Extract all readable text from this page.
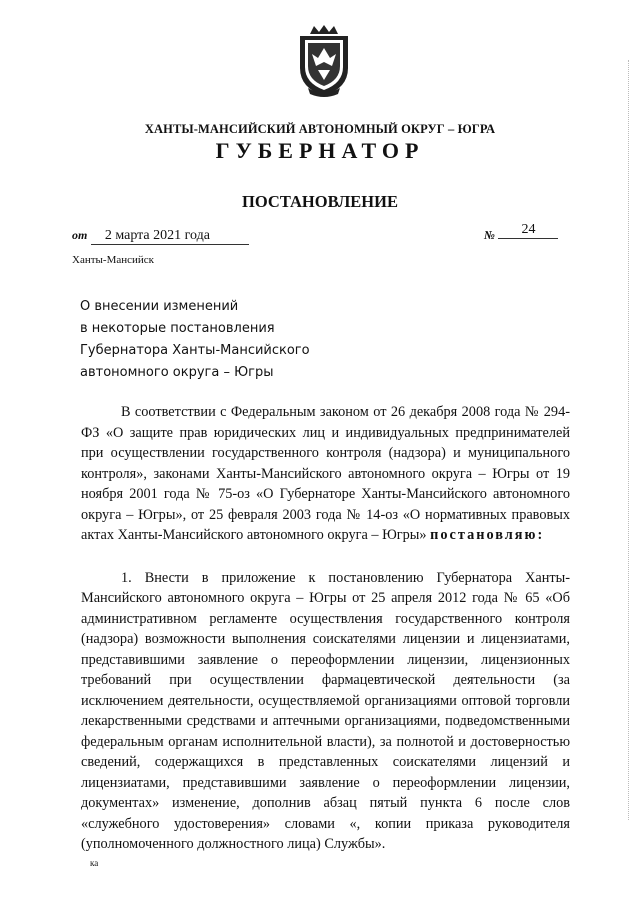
ХАНТЫ-МАНСИЙСКИЙ АВТОНОМНЫЙ ОКРУГ – ЮГРА
ГУБЕРНАТОР
ПОСТАНОВЛЕНИЕ
от 2 марта 2021 года	№ 24
Ханты-Мансийск
О внесении изменений
в некоторые постановления
Губернатора Ханты-Мансийского
автономного округа – Югры

В соответствии с Федеральным законом от 26 декабря 2008 года № 294-ФЗ «О защите прав юридических лиц и индивидуальных предпринимателей при осуществлении государственного контроля (надзора) и муниципального контроля», законами Ханты-Мансийского автономного округа – Югры от 19 ноября 2001 года № 75-оз «О Губернаторе Ханты-Мансийского автономного округа – Югры», от 25 февраля 2003 года № 14-оз «О нормативных правовых актах Ханты-Мансийского автономного округа – Югры» постановляю:

1. Внести в приложение к постановлению Губернатора Ханты-Мансийского автономного округа – Югры от 25 апреля 2012 года № 65 «Об административном регламенте осуществления государственного контроля (надзора) возможности выполнения соискателями лицензии и лицензиатами, представившими заявление о переоформлении лицензии, лицензионных требований при осуществлении фармацевтической деятельности (за исключением деятельности, осуществляемой организациями оптовой торговли лекарственными средствами и аптечными организациями, подведомственными федеральным органам исполнительной власти), за полнотой и достоверностью сведений, содержащихся в представленных соискателями лицензий и лицензиатами, представившими заявление о переоформлении лицензии, документах» изменение, дополнив абзац пятый пункта 6 после слов «служебного удостоверения» словами «, копии приказа руководителя (уполномоченного должностного лица) Службы».

ка
